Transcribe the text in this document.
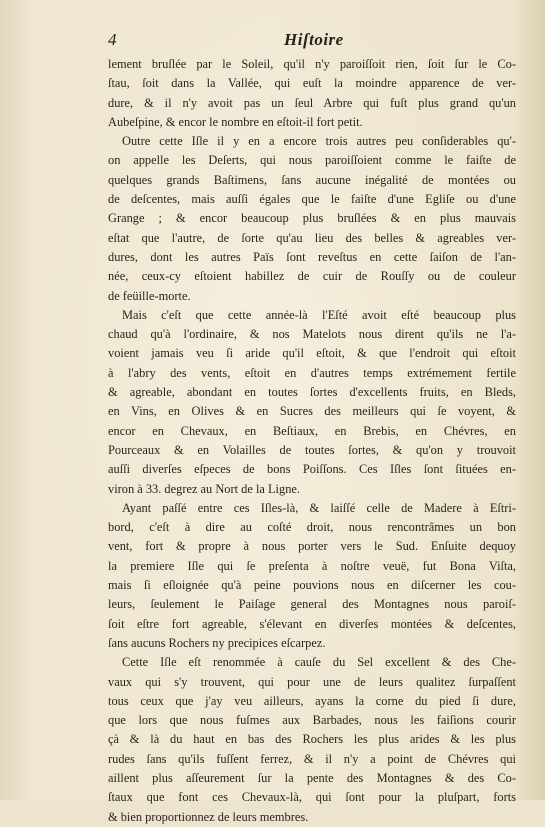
4	Hiſtoire
lement bruſlée par le Soleil, qu'il n'y paroiſſoit rien, ſoit ſur le Co-
ſtau, ſoit dans la Vallée, qui euſt la moindre apparence de ver-
dure, & il n'y avoit pas un ſeul Arbre qui fuſt plus grand qu'un
Aubeſpine, & encor le nombre en eſtoit-il fort petit.
Outre cette Iſle il y en a encore trois autres peu conſiderables qu'-
on appelle les Deſerts, qui nous paroiſſoient comme le faiſte de
quelques grands Baſtimens, ſans aucune inégalité de montées ou
de deſcentes, mais auſſi égales que le faiſte d'une Egliſe ou d'une
Grange ; & encor beaucoup plus bruſlées & en plus mauvais
eſtat que l'autre, de ſorte qu'au lieu des belles & agreables ver-
dures, dont les autres Païs ſont reveſtus en cette ſaiſon de l'an-
née, ceux-cy eſtoient habillez de cuir de Rouſſy ou de couleur
de feüille-morte.
Mais c'eſt que cette année-là l'Eſté avoit eſté beaucoup plus
chaud qu'à l'ordinaire, & nos Matelots nous dirent qu'ils ne l'a-
voient jamais veu ſi aride qu'il eſtoit, & que l'endroit qui eſtoit
à l'abry des vents, eſtoit en d'autres temps extrémement fertile
& agreable, abondant en toutes ſortes d'excellents fruits, en Bleds,
en Vins, en Olives & en Sucres des meilleurs qui ſe voyent, &
encor en Chevaux, en Beſtiaux, en Brebis, en Chévres, en
Pourceaux & en Volailles de toutes ſortes, & qu'on y trouvoit
auſſi diverſes eſpeces de bons Poiſſons. Ces Iſles ſont ſituées en-
viron à 33. degrez au Nort de la Ligne.
Ayant paſſé entre ces Iſles-là, & laiſſé celle de Madere à Eſtri-
bord, c'eſt à dire au coſté droit, nous rencontrâmes un bon
vent, fort & propre à nous porter vers le Sud. Enſuite dequoy
la premiere Iſle qui ſe preſenta à noſtre veuë, fut Bona Viſta,
mais ſi eſloignée qu'à peine pouvions nous en diſcerner les cou-
leurs, ſeulement le Paiſage general des Montagnes nous paroiſ-
ſoit eſtre fort agreable, s'élevant en diverſes montées & deſcentes,
ſans aucuns Rochers ny precipices eſcarpez.
Cette Iſle eſt renommée à cauſe du Sel excellent & des Che-
vaux qui s'y trouvent, qui pour une de leurs qualitez ſurpaſſent
tous ceux que j'ay veu ailleurs, ayans la corne du pied ſi dure,
que lors que nous fuſmes aux Barbades, nous les faiſions courir
çà & là du haut en bas des Rochers les plus arides & les plus
rudes ſans qu'ils fuſſent ferrez, & il n'y a point de Chévres qui
aillent plus aſſeurement ſur la pente des Montagnes & des Co-
ſtaux que font ces Chevaux-là, qui ſont pour la pluſpart, forts
& bien proportionnez de leurs membres.
